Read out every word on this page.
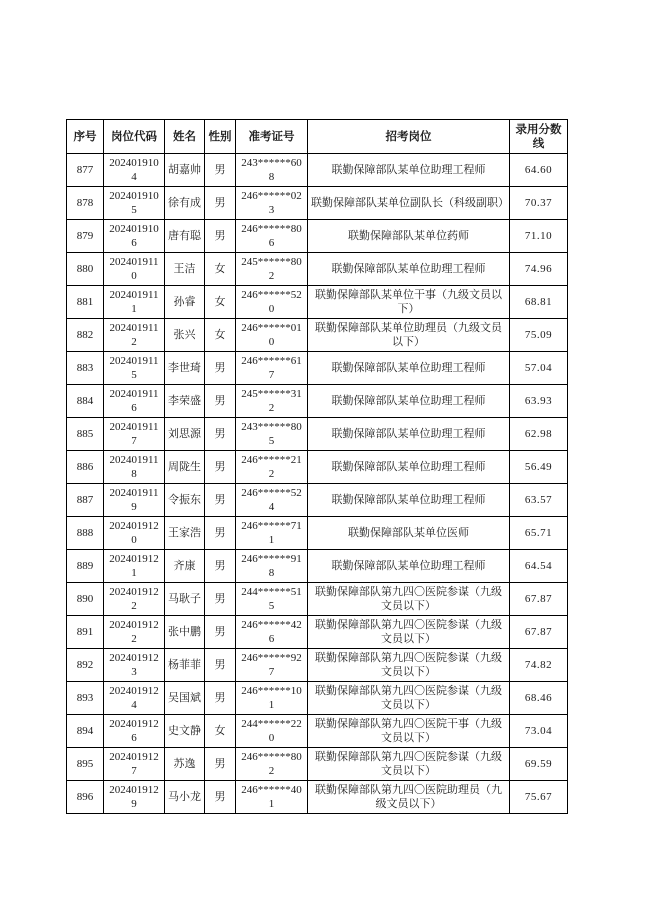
序号	岗位代码	姓名	性别	准考证号	招考岗位	录用分数线
877	2024019104	胡嘉帅	男	243******608	联勤保障部队某单位助理工程师	64.60
878	2024019105	徐有成	男	246******023	联勤保障部队某单位副队长（科级副职）	70.37
879	2024019106	唐有聪	男	246******806	联勤保障部队某单位药师	71.10
880	2024019110	王洁	女	245******802	联勤保障部队某单位助理工程师	74.96
881	2024019111	孙睿	女	246******520	联勤保障部队某单位干事（九级文员以下）	68.81
882	2024019112	张兴	女	246******010	联勤保障部队某单位助理员（九级文员以下）	75.09
883	2024019115	李世琦	男	246******617	联勤保障部队某单位助理工程师	57.04
884	2024019116	李荣盛	男	245******312	联勤保障部队某单位助理工程师	63.93
885	2024019117	刘思源	男	243******805	联勤保障部队某单位助理工程师	62.98
886	2024019118	周陇生	男	246******212	联勤保障部队某单位助理工程师	56.49
887	2024019119	令振东	男	246******524	联勤保障部队某单位助理工程师	63.57
888	2024019120	王家浩	男	246******711	联勤保障部队某单位医师	65.71
889	2024019121	齐康	男	246******918	联勤保障部队某单位助理工程师	64.54
890	2024019122	马耿子	男	244******515	联勤保障部队第九四〇医院参谋（九级文员以下）	67.87
891	2024019122	张中鹏	男	246******426	联勤保障部队第九四〇医院参谋（九级文员以下）	67.87
892	2024019123	杨菲菲	男	246******927	联勤保障部队第九四〇医院参谋（九级文员以下）	74.82
893	2024019124	吴国斌	男	246******101	联勤保障部队第九四〇医院参谋（九级文员以下）	68.46
894	2024019126	史文静	女	244******220	联勤保障部队第九四〇医院干事（九级文员以下）	73.04
895	2024019127	苏逸	男	246******802	联勤保障部队第九四〇医院参谋（九级文员以下）	69.59
896	2024019129	马小龙	男	246******401	联勤保障部队第九四〇医院助理员（九级文员以下）	75.67
